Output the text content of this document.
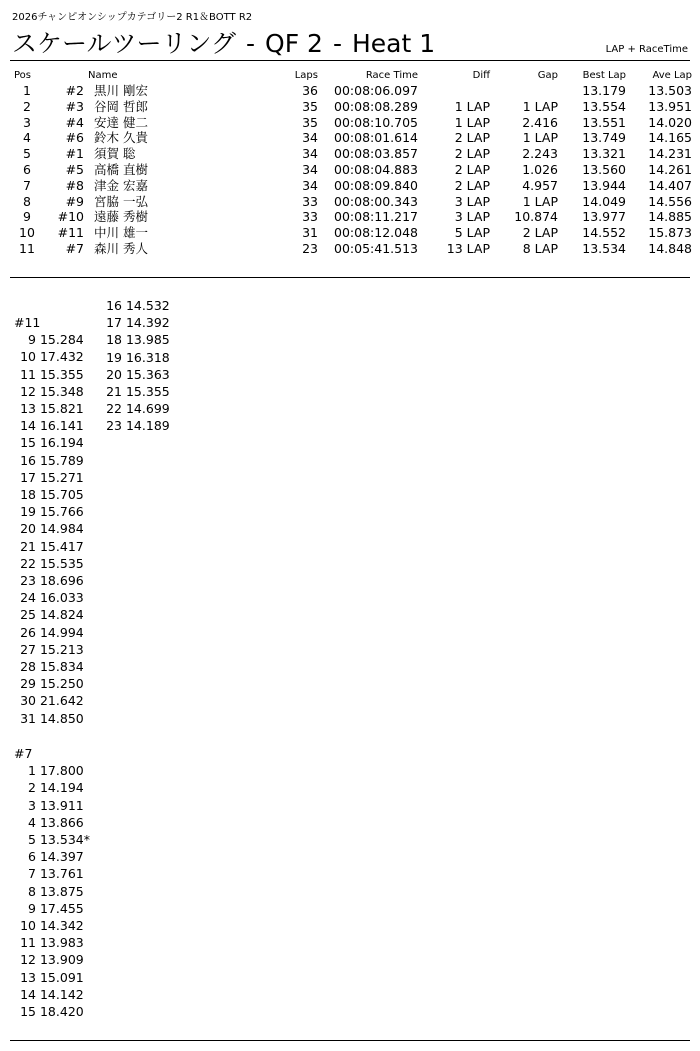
2026チャンピオンシップカテゴリー2 R1＆BOTT R2
スケールツーリング - QF 2 - Heat 1	LAP + RaceTime
Pos		Name	Laps	Race Time	Diff	Gap	Best Lap	Ave Lap
1	#2	黒川 剛宏	36	00:08:06.097			13.179	13.503
2	#3	谷岡 哲郎	35	00:08:08.289	1 LAP	1 LAP	13.554	13.951
3	#4	安達 健二	35	00:08:10.705	1 LAP	2.416	13.551	14.020
4	#6	鈴木 久貴	34	00:08:01.614	2 LAP	1 LAP	13.749	14.165
5	#1	須賀 聡	34	00:08:03.857	2 LAP	2.243	13.321	14.231
6	#5	高橋 直樹	34	00:08:04.883	2 LAP	1.026	13.560	14.261
7	#8	津金 宏嘉	34	00:08:09.840	2 LAP	4.957	13.944	14.407
8	#9	宮脇 一弘	33	00:08:00.343	3 LAP	1 LAP	14.049	14.556
9	#10	遠藤 秀樹	33	00:08:11.217	3 LAP	10.874	13.977	14.885
10	#11	中川 雄一	31	00:08:12.048	5 LAP	2 LAP	14.552	15.873
11	#7	森川 秀人	23	00:05:41.513	13 LAP	8 LAP	13.534	14.848
#11
9 15.284
10 17.432
11 15.355
12 15.348
13 15.821
14 16.141
15 16.194
16 15.789
17 15.271
18 15.705
19 15.766
20 14.984
21 15.417
22 15.535
23 18.696
24 16.033
25 14.824
26 14.994
27 15.213
28 15.834
29 15.250
30 21.642
31 14.850
#7
1 17.800
2 14.194
3 13.911
4 13.866
5 13.534*
6 14.397
7 13.761
8 13.875
9 17.455
10 14.342
11 13.983
12 13.909
13 15.091
14 14.142
15 18.420
16 14.532
17 14.392
18 13.985
19 16.318
20 15.363
21 15.355
22 14.699
23 14.189
